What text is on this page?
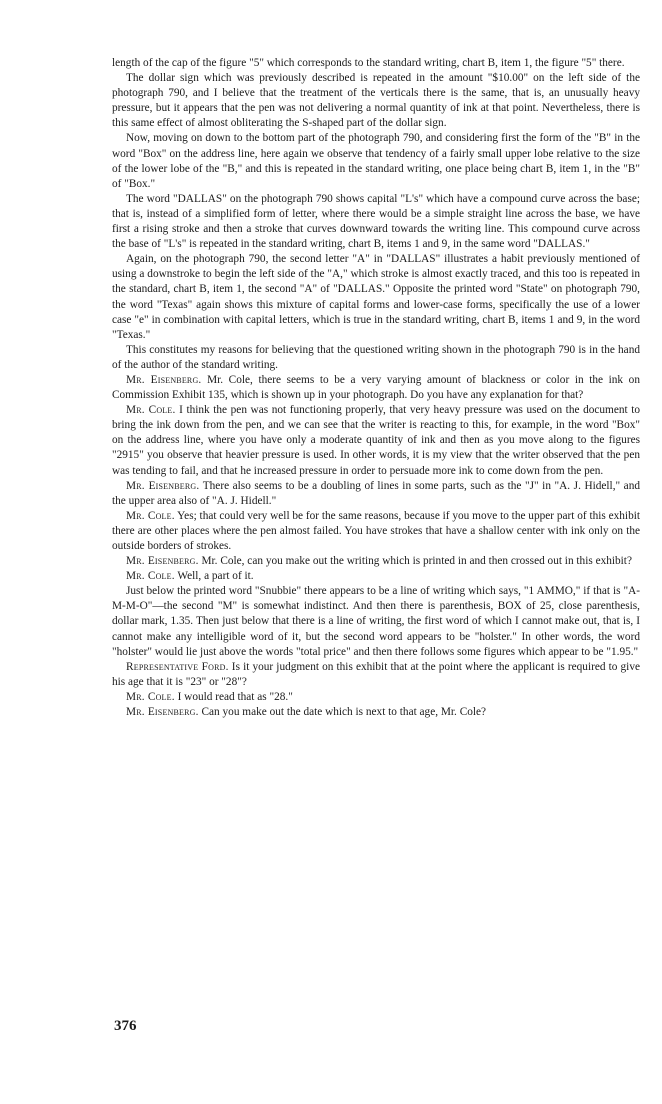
length of the cap of the figure "5" which corresponds to the standard writing, chart B, item 1, the figure "5" there.

The dollar sign which was previously described is repeated in the amount "$10.00" on the left side of the photograph 790, and I believe that the treatment of the verticals there is the same, that is, an unusually heavy pressure, but it appears that the pen was not delivering a normal quantity of ink at that point. Nevertheless, there is this same effect of almost obliterating the S-shaped part of the dollar sign.

Now, moving on down to the bottom part of the photograph 790, and considering first the form of the "B" in the word "Box" on the address line, here again we observe that tendency of a fairly small upper lobe relative to the size of the lower lobe of the "B," and this is repeated in the standard writing, one place being chart B, item 1, in the "B" of "Box."

The word "DALLAS" on the photograph 790 shows capital "L's" which have a compound curve across the base; that is, instead of a simplified form of letter, where there would be a simple straight line across the base, we have first a rising stroke and then a stroke that curves downward towards the writing line. This compound curve across the base of "L's" is repeated in the standard writing, chart B, items 1 and 9, in the same word "DALLAS."

Again, on the photograph 790, the second letter "A" in "DALLAS" illustrates a habit previously mentioned of using a downstroke to begin the left side of the "A," which stroke is almost exactly traced, and this too is repeated in the standard, chart B, item 1, the second "A" of "DALLAS." Opposite the printed word "State" on photograph 790, the word "Texas" again shows this mixture of capital forms and lower-case forms, specifically the use of a lower case "e" in combination with capital letters, which is true in the standard writing, chart B, items 1 and 9, in the word "Texas."

This constitutes my reasons for believing that the questioned writing shown in the photograph 790 is in the hand of the author of the standard writing.

Mr. Eisenberg. Mr. Cole, there seems to be a very varying amount of blackness or color in the ink on Commission Exhibit 135, which is shown up in your photograph. Do you have any explanation for that?

Mr. Cole. I think the pen was not functioning properly, that very heavy pressure was used on the document to bring the ink down from the pen, and we can see that the writer is reacting to this, for example, in the word "Box" on the address line, where you have only a moderate quantity of ink and then as you move along to the figures "2915" you observe that heavier pressure is used. In other words, it is my view that the writer observed that the pen was tending to fail, and that he increased pressure in order to persuade more ink to come down from the pen.

Mr. Eisenberg. There also seems to be a doubling of lines in some parts, such as the "J" in "A. J. Hidell," and the upper area also of "A. J. Hidell."

Mr. Cole. Yes; that could very well be for the same reasons, because if you move to the upper part of this exhibit there are other places where the pen almost failed. You have strokes that have a shallow center with ink only on the outside borders of strokes.

Mr. Eisenberg. Mr. Cole, can you make out the writing which is printed in and then crossed out in this exhibit?

Mr. Cole. Well, a part of it.

Just below the printed word "Snubbie" there appears to be a line of writing which says, "1 AMMO," if that is "A-M-M-O"—the second "M" is somewhat indistinct. And then there is parenthesis, BOX of 25, close parenthesis, dollar mark, 1.35. Then just below that there is a line of writing, the first word of which I cannot make out, that is, I cannot make any intelligible word of it, but the second word appears to be "holster." In other words, the word "holster" would lie just above the words "total price" and then there follows some figures which appear to be "1.95."

Representative Ford. Is it your judgment on this exhibit that at the point where the applicant is required to give his age that it is "23" or "28"?

Mr. Cole. I would read that as "28."

Mr. Eisenberg. Can you make out the date which is next to that age, Mr. Cole?

376
